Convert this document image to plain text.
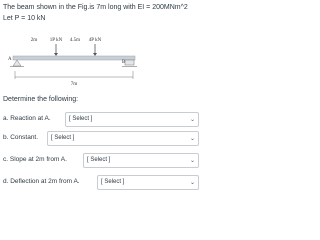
The beam shown in the Fig.is 7m long with EI = 200MNm^2
Let P = 10 kN
2m	1P kN 4.5m 4P kN
A
B
7m
Determine the following:
a. Reaction at A.	[ Select ]	⌄
b. Constant. [ Select ]	⌄
c. Slope at 2m from A.	[ Select ]	⌄
d. Deflection at 2m from A.	[ Select ]	⌄
